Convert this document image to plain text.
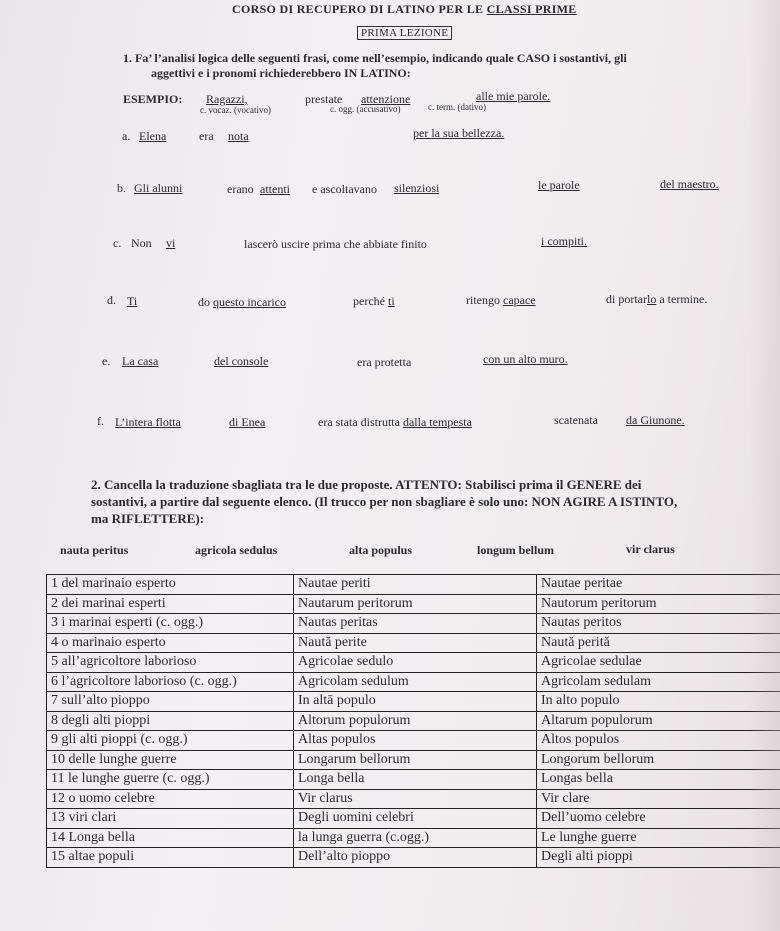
CORSO DI RECUPERO DI LATINO PER LE CLASSI PRIME
PRIMA LEZIONE
1. Fa’ l’analisi logica delle seguenti frasi, come nell’esempio, indicando quale CASO i sostantivi, gli
aggettivi e i pronomi richiederebbero IN LATINO:
ESEMPIO: Ragazzi,
c. vocaz. (vocativo)
prestate attenzione
c. ogg. (accusativo)
alle mie parole.
c. term. (dativo)
a. Elena	era nota	per la sua bellezza.
b. Gli alunni	erano attenti e ascoltavano silenziosi	le parole	del maestro.
c. Non vi	lascerò uscire prima che abbiate finito	i compiti.
d. Ti	do questo incarico	perché ti	ritengo capace	di portarlo a termine.
e. La casa	del console	era protetta	con un alto muro.
f. L’intera flotta	di Enea	era stata distrutta dalla tempesta	scatenata da Giunone.
2. Cancella la traduzione sbagliata tra le due proposte. ATTENTO: Stabilisci prima il GENERE dei
sostantivi, a partire dal seguente elenco. (Il trucco per non sbagliare è solo uno: NON AGIRE A ISTINTO,
ma RIFLETTERE):
nauta peritus	agricola sedulus	alta populus	longum bellum	vir clarus
1 del marinaio esperto	Nautae periti	Nautae peritae
2 dei marinai esperti	Nautarum peritorum	Nautorum peritorum
3 i marinai esperti (c. ogg.)	Nautas peritas	Nautas peritos
4 o marinaio esperto	Naută perite	Naută perită
5 all’agricoltore laborioso	Agricolae sedulo	Agricolae sedulae
6 l’agricoltore laborioso (c. ogg.)	Agricolam sedulum	Agricolam sedulam
7 sull’alto pioppo	In altā populo	In alto populo
8 degli alti pioppi	Altorum populorum	Altarum populorum
9 gli alti pioppi (c. ogg.)	Altas populos	Altos populos
10 delle lunghe guerre	Longarum bellorum	Longorum bellorum
11 le lunghe guerre (c. ogg.)	Longa bella	Longas bella
12 o uomo celebre	Vir clarus	Vir clare
13 viri clari	Degli uomini celebri	Dell’uomo celebre
14 Longa bella	la lunga guerra (c.ogg.)	Le lunghe guerre
15 altae populi	Dell’alto pioppo	Degli alti pioppi
